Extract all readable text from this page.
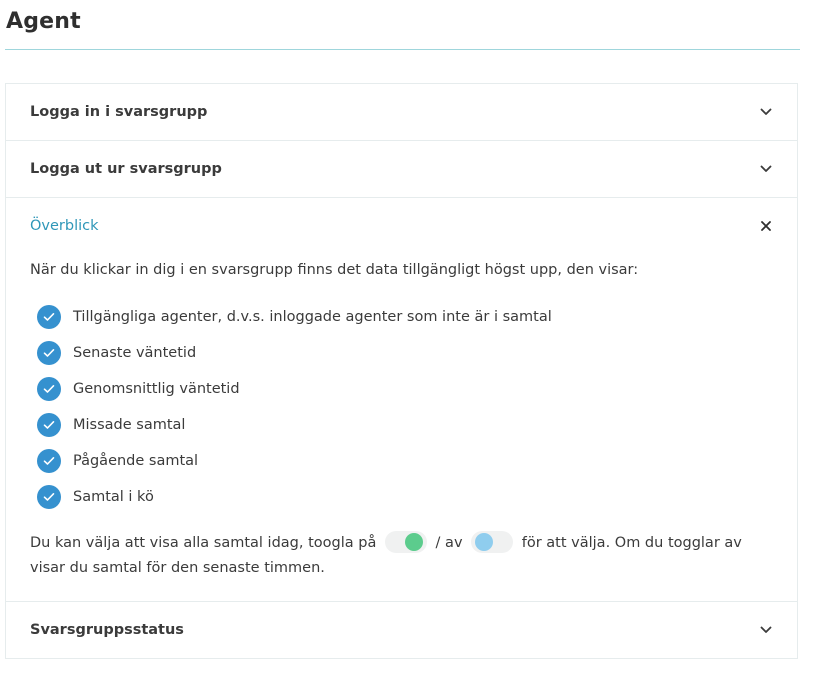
Agent
Logga in i svarsgrupp
Logga ut ur svarsgrupp
Överblick

När du klickar in dig i en svarsgrupp finns det data tillgängligt högst upp, den visar:

Tillgängliga agenter, d.v.s. inloggade agenter som inte är i samtal
Senaste väntetid
Genomsnittlig väntetid
Missade samtal
Pågående samtal
Samtal i kö

Du kan välja att visa alla samtal idag, toogla på	/ av	för att välja. Om du togglar av visar du samtal för den senaste timmen.

Svarsgruppsstatus
